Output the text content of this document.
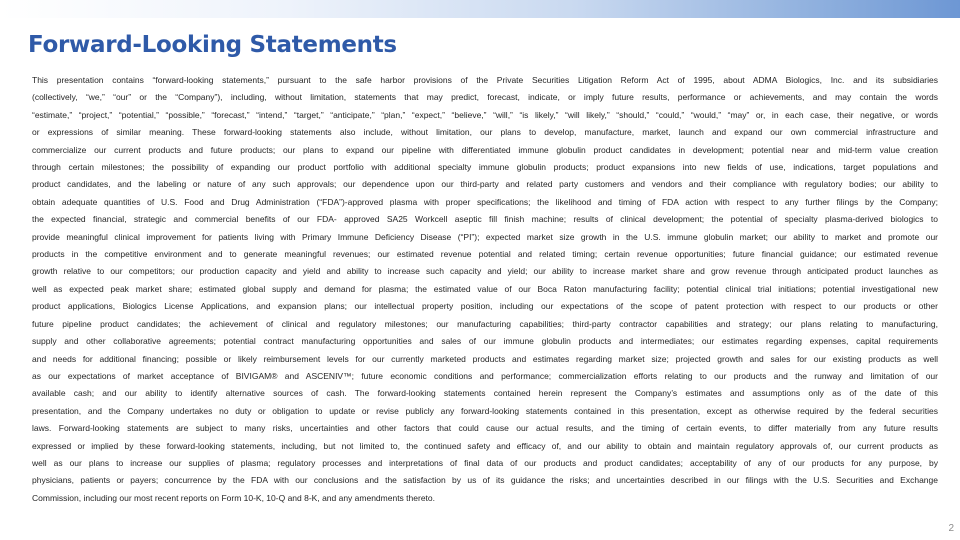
Forward-Looking Statements
This presentation contains “forward-looking statements,” pursuant to the safe harbor provisions of the Private Securities Litigation Reform Act of 1995, about ADMA Biologics, Inc. and its subsidiaries
(collectively, “we,” “our” or the “Company”), including, without limitation, statements that may predict, forecast, indicate, or imply future results, performance or achievements, and may contain the words
“estimate,” “project,” “potential,” “possible,” “forecast,” “intend,” “target,” “anticipate,” “plan,” “expect,” “believe,” “will,” “is likely,” “will likely,” “should,” “could,” “would,” “may” or, in each case, their negative, or words
or expressions of similar meaning. These forward-looking statements also include, without limitation, our plans to develop, manufacture, market, launch and expand our own commercial infrastructure and
commercialize our current products and future products; our plans to expand our pipeline with differentiated immune globulin product candidates in development; potential near and mid-term value creation
through certain milestones; the possibility of expanding our product portfolio with additional specialty immune globulin products; product expansions into new fields of use, indications, target populations and
product candidates, and the labeling or nature of any such approvals; our dependence upon our third-party and related party customers and vendors and their compliance with regulatory bodies; our ability to
obtain adequate quantities of U.S. Food and Drug Administration (“FDA”)-approved plasma with proper specifications; the likelihood and timing of FDA action with respect to any further filings by the Company;
the expected financial, strategic and commercial benefits of our FDA- approved SA25 Workcell aseptic fill finish machine; results of clinical development; the potential of specialty plasma-derived biologics to
provide meaningful clinical improvement for patients living with Primary Immune Deficiency Disease (“PI”); expected market size growth in the U.S. immune globulin market; our ability to market and promote our
products in the competitive environment and to generate meaningful revenues; our estimated revenue potential and related timing; certain revenue opportunities; future financial guidance; our estimated revenue
growth relative to our competitors; our production capacity and yield and ability to increase such capacity and yield; our ability to increase market share and grow revenue through anticipated product launches as
well as expected peak market share; estimated global supply and demand for plasma; the estimated value of our Boca Raton manufacturing facility; potential clinical trial initiations; potential investigational new
product applications, Biologics License Applications, and expansion plans; our intellectual property position, including our expectations of the scope of patent protection with respect to our products or other
future pipeline product candidates; the achievement of clinical and regulatory milestones; our manufacturing capabilities; third-party contractor capabilities and strategy; our plans relating to manufacturing,
supply and other collaborative agreements; potential contract manufacturing opportunities and sales of our immune globulin products and intermediates; our estimates regarding expenses, capital requirements
and needs for additional financing; possible or likely reimbursement levels for our currently marketed products and estimates regarding market size; projected growth and sales for our existing products as well
as our expectations of market acceptance of BIVIGAM® and ASCENIV™; future economic conditions and performance; commercialization efforts relating to our products and the runway and limitation of our
available cash; and our ability to identify alternative sources of cash. The forward-looking statements contained herein represent the Company’s estimates and assumptions only as of the date of this
presentation, and the Company undertakes no duty or obligation to update or revise publicly any forward-looking statements contained in this presentation, except as otherwise required by the federal securities
laws. Forward-looking statements are subject to many risks, uncertainties and other factors that could cause our actual results, and the timing of certain events, to differ materially from any future results
expressed or implied by these forward-looking statements, including, but not limited to, the continued safety and efficacy of, and our ability to obtain and maintain regulatory approvals of, our current products as
well as our plans to increase our supplies of plasma; regulatory processes and interpretations of final data of our products and product candidates; acceptability of any of our products for any purpose, by
physicians, patients or payers; concurrence by the FDA with our conclusions and the satisfaction by us of its guidance the risks; and uncertainties described in our filings with the U.S. Securities and Exchange
Commission, including our most recent reports on Form 10-K, 10-Q and 8-K, and any amendments thereto.
2
